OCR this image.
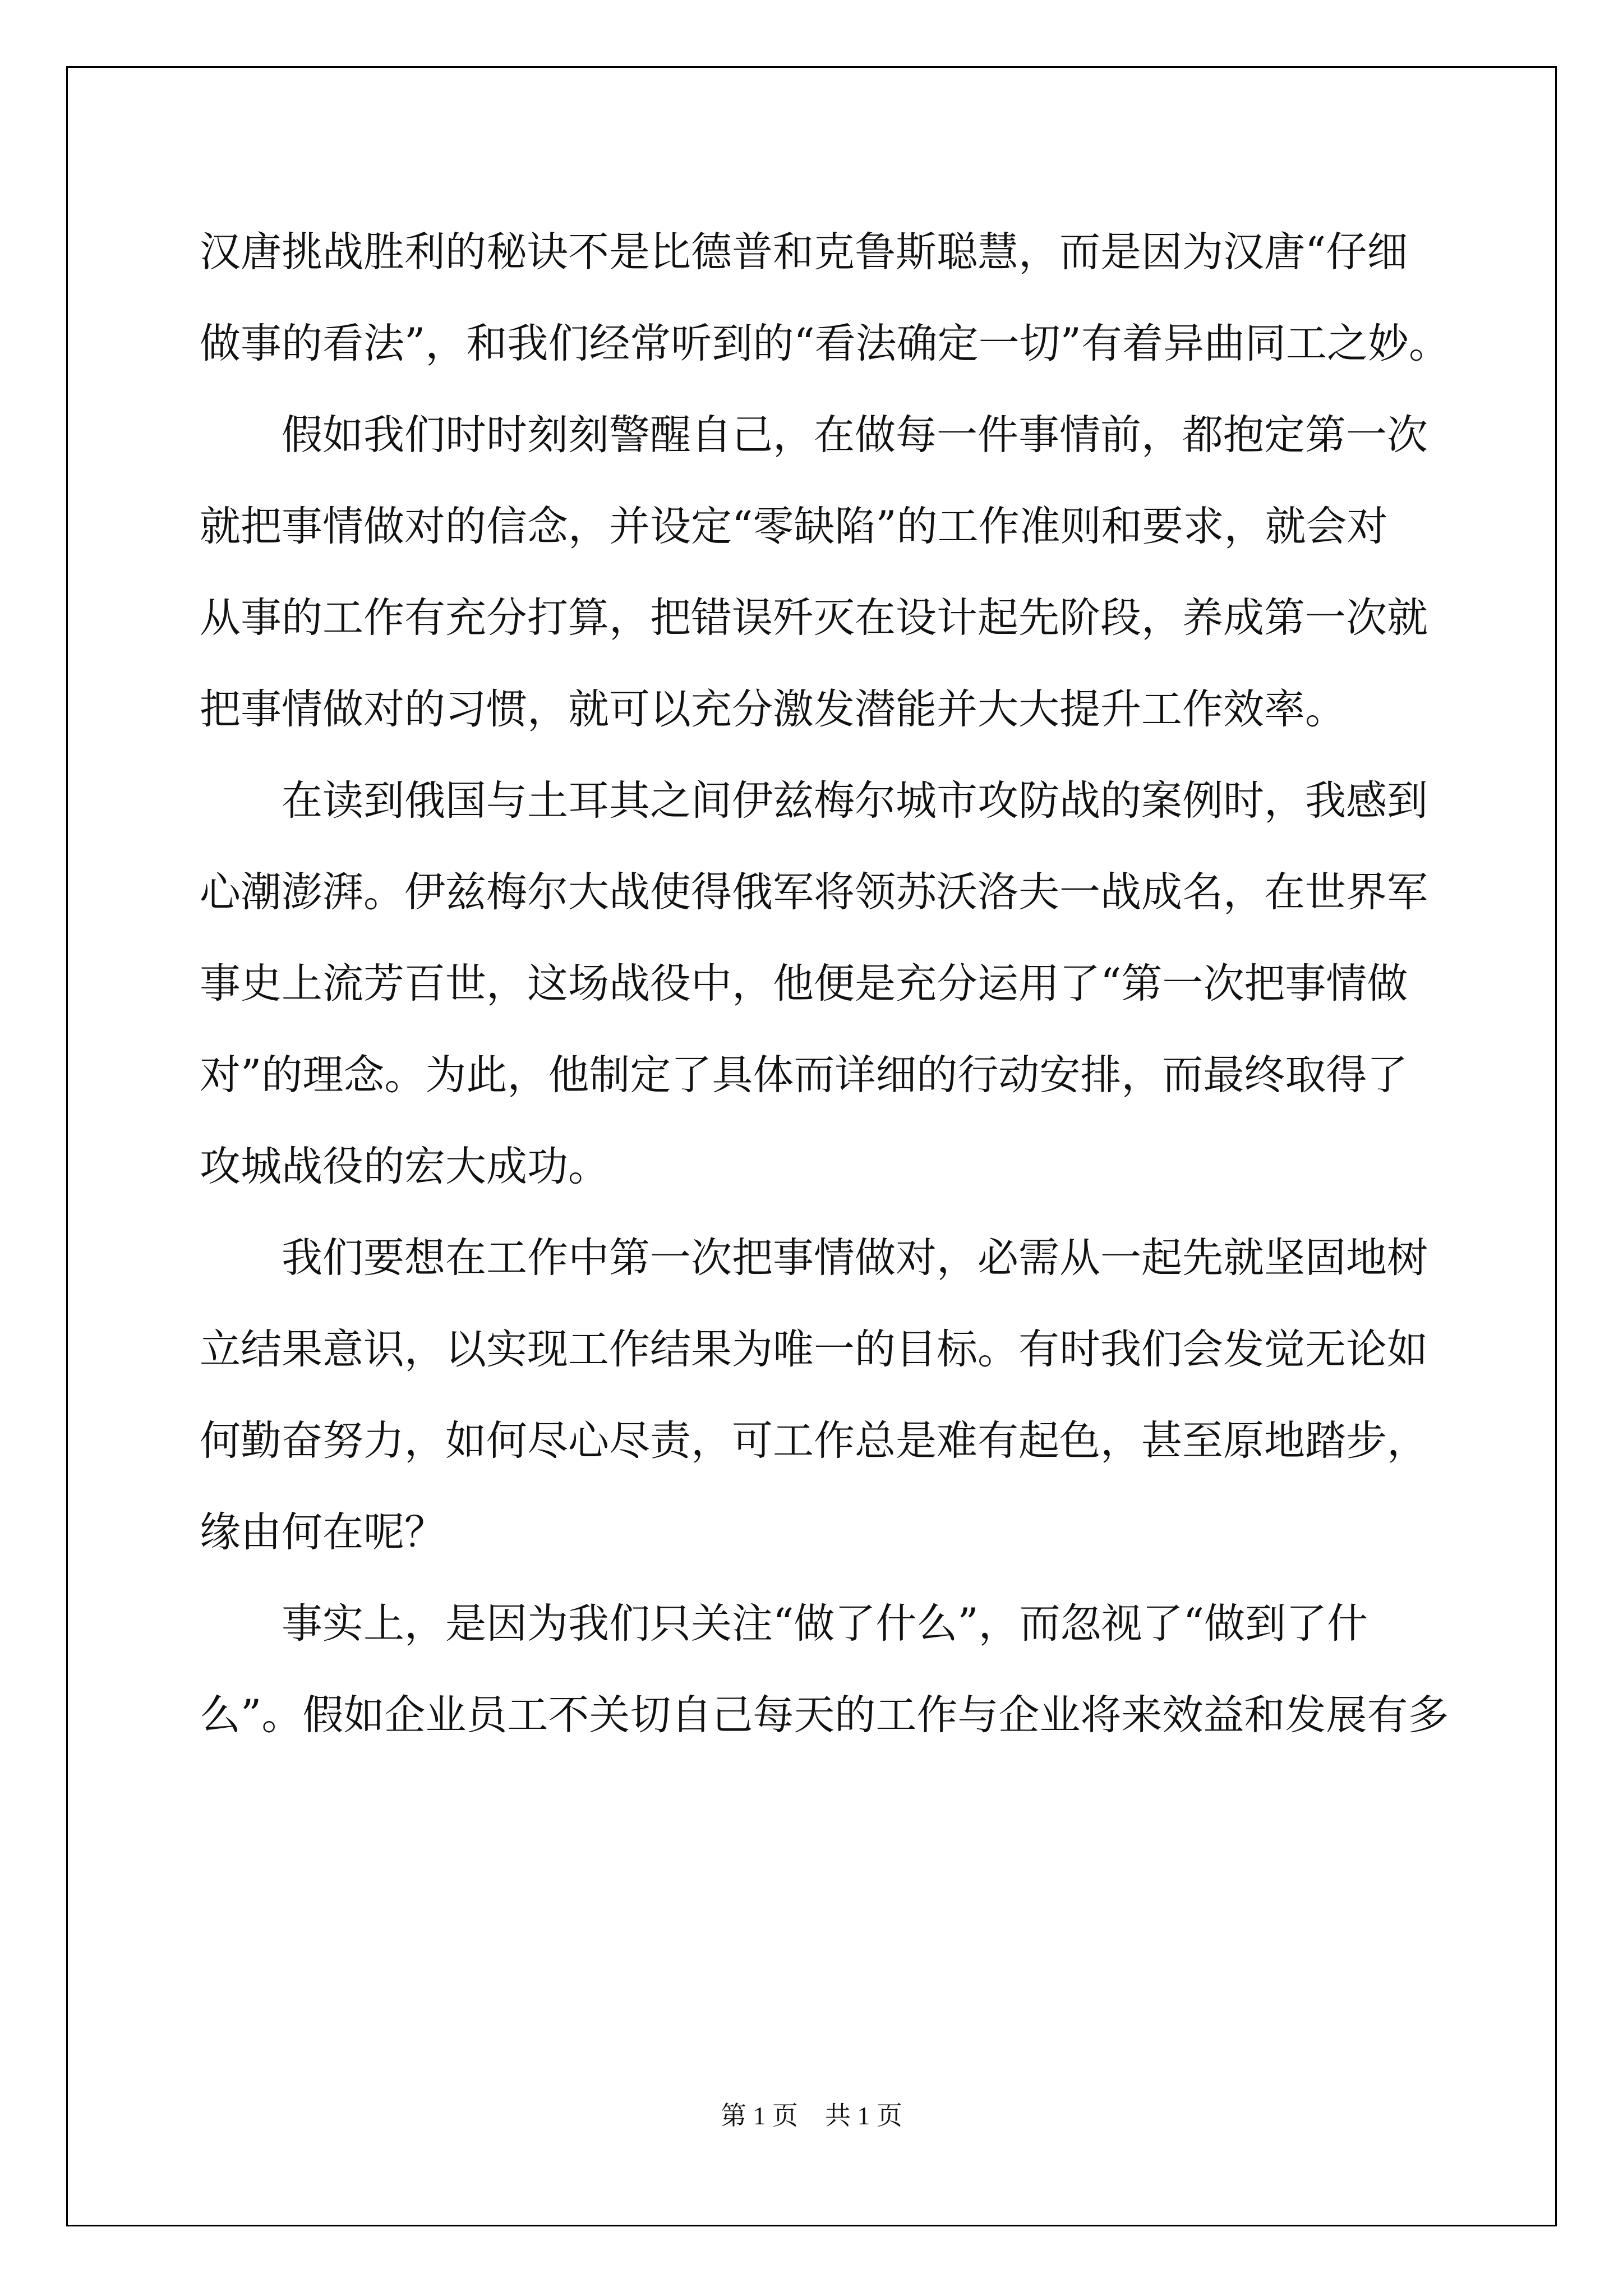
汉唐挑战胜利的秘诀不是比德普和克鲁斯聪慧，而是因为汉唐“仔细
做事的看法”，和我们经常听到的“看法确定一切”有着异曲同工之妙。
假如我们时时刻刻警醒自己，在做每一件事情前，都抱定第一次
就把事情做对的信念，并设定“零缺陷”的工作准则和要求，就会对
从事的工作有充分打算，把错误歼灭在设计起先阶段，养成第一次就
把事情做对的习惯，就可以充分激发潜能并大大提升工作效率。
在读到俄国与土耳其之间伊兹梅尔城市攻防战的案例时，我感到
心潮澎湃。伊兹梅尔大战使得俄军将领苏沃洛夫一战成名，在世界军
事史上流芳百世，这场战役中，他便是充分运用了“第一次把事情做
对”的理念。为此，他制定了具体而详细的行动安排，而最终取得了
攻城战役的宏大成功。
我们要想在工作中第一次把事情做对，必需从一起先就坚固地树
立结果意识，以实现工作结果为唯一的目标。有时我们会发觉无论如
何勤奋努力，如何尽心尽责，可工作总是难有起色，甚至原地踏步，
缘由何在呢？
事实上，是因为我们只关注“做了什么”，而忽视了“做到了什
么”。假如企业员工不关切自己每天的工作与企业将来效益和发展有多
第 1 页 共 1 页
